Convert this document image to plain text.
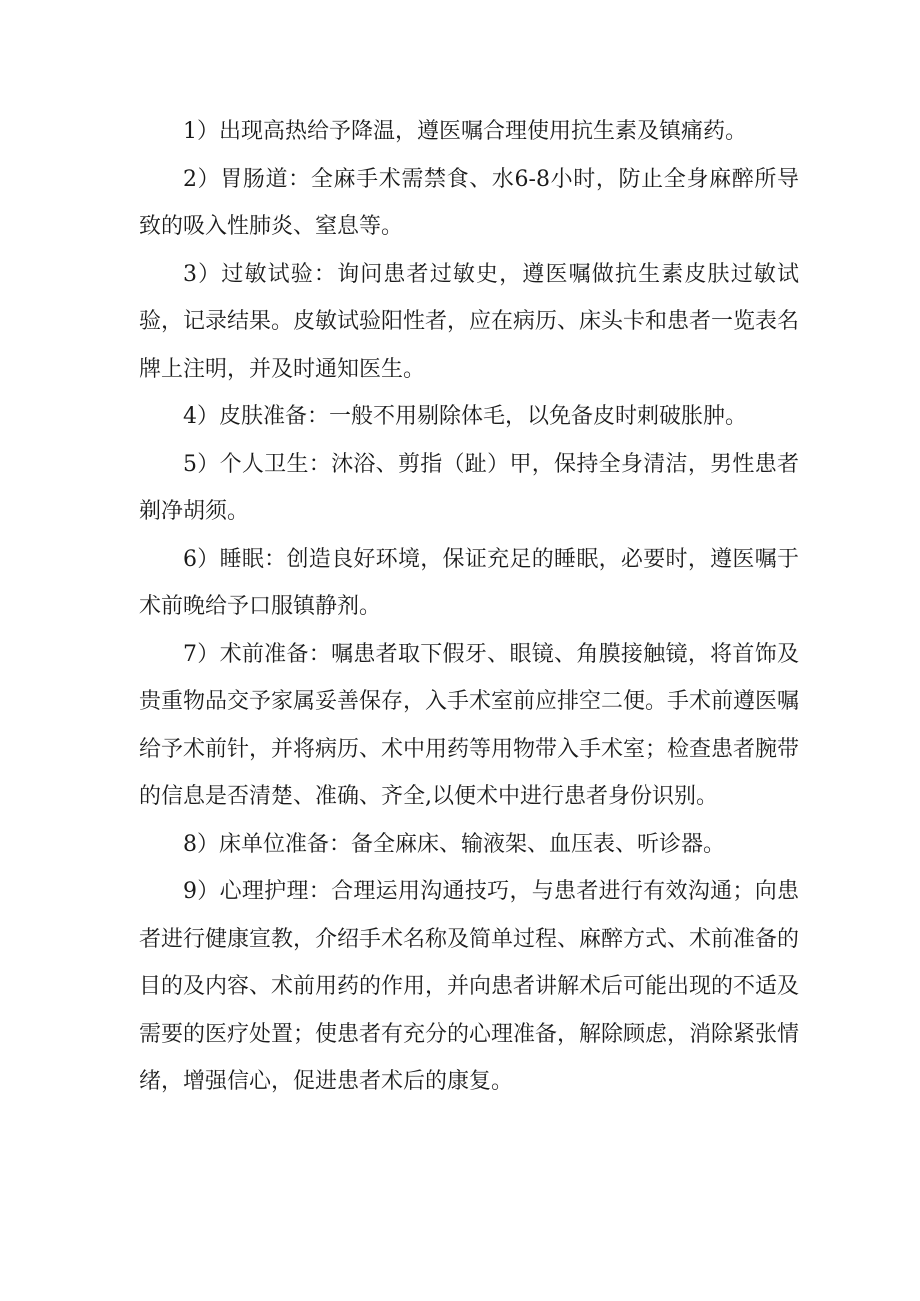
1）出现高热给予降温，遵医嘱合理使用抗生素及镇痛药。

2）胃肠道：全麻手术需禁食、水6-8小时，防止全身麻醉所导致的吸入性肺炎、窒息等。

3）过敏试验：询问患者过敏史，遵医嘱做抗生素皮肤过敏试验，记录结果。皮敏试验阳性者，应在病历、床头卡和患者一览表名牌上注明，并及时通知医生。

4）皮肤准备：一般不用剔除体毛，以免备皮时刺破胀肿。

5）个人卫生：沐浴、剪指（趾）甲，保持全身清洁，男性患者剃净胡须。

6）睡眠：创造良好环境，保证充足的睡眠，必要时，遵医嘱于术前晚给予口服镇静剂。

7）术前准备：嘱患者取下假牙、眼镜、角膜接触镜，将首饰及贵重物品交予家属妥善保存，入手术室前应排空二便。手术前遵医嘱给予术前针，并将病历、术中用药等用物带入手术室；检查患者腕带的信息是否清楚、准确、齐全,以便术中进行患者身份识别。

8）床单位准备：备全麻床、输液架、血压表、听诊器。

9）心理护理：合理运用沟通技巧，与患者进行有效沟通；向患者进行健康宣教，介绍手术名称及简单过程、麻醉方式、术前准备的目的及内容、术前用药的作用，并向患者讲解术后可能出现的不适及需要的医疗处置；使患者有充分的心理准备，解除顾虑，消除紧张情绪，增强信心，促进患者术后的康复。
